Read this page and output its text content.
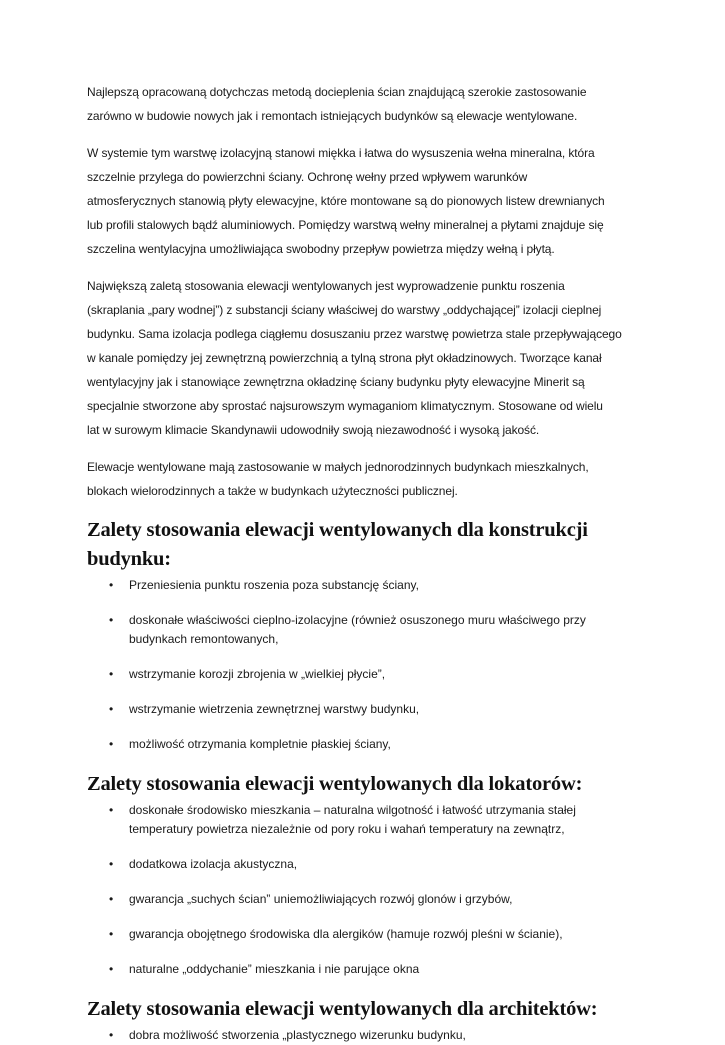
Najlepszą opracowaną dotychczas metodą docieplenia ścian znajdującą szerokie zastosowanie
zarówno w budowie nowych jak i remontach istniejących budynków są elewacje wentylowane.

W systemie tym warstwę izolacyjną stanowi miękka i łatwa do wysuszenia wełna mineralna, która
szczelnie przylega do powierzchni ściany. Ochronę wełny przed wpływem warunków
atmosferycznych stanowią płyty elewacyjne, które montowane są do pionowych listew drewnianych
lub profili stalowych bądź aluminiowych. Pomiędzy warstwą wełny mineralnej a płytami znajduje się
szczelina wentylacyjna umożliwiająca swobodny przepływ powietrza między wełną i płytą.

Największą zaletą stosowania elewacji wentylowanych jest wyprowadzenie punktu roszenia
(skraplania „pary wodnej”) z substancji ściany właściwej do warstwy „oddychającej” izolacji cieplnej
budynku. Sama izolacja podlega ciągłemu dosuszaniu przez warstwę powietrza stale przepływającego
w kanale pomiędzy jej zewnętrzną powierzchnią a tylną strona płyt okładzinowych. Tworzące kanał
wentylacyjny jak i stanowiące zewnętrzna okładzinę ściany budynku płyty elewacyjne Minerit są
specjalnie stworzone aby sprostać najsurowszym wymaganiom klimatycznym. Stosowane od wielu
lat w surowym klimacie Skandynawii udowodniły swoją niezawodność i wysoką jakość.

Elewacje wentylowane mają zastosowanie w małych jednorodzinnych budynkach mieszkalnych,
blokach wielorodzinnych a także w budynkach użyteczności publicznej.

Zalety stosowania elewacji wentylowanych dla konstrukcji
budynku:
• Przeniesienia punktu roszenia poza substancję ściany,
• doskonałe właściwości cieplno-izolacyjne (również osuszonego muru właściwego przy
budynkach remontowanych,
• wstrzymanie korozji zbrojenia w „wielkiej płycie”,
• wstrzymanie wietrzenia zewnętrznej warstwy budynku,
• możliwość otrzymania kompletnie płaskiej ściany,
Zalety stosowania elewacji wentylowanych dla lokatorów:
• doskonałe środowisko mieszkania – naturalna wilgotność i łatwość utrzymania stałej
temperatury powietrza niezależnie od pory roku i wahań temperatury na zewnątrz,
• dodatkowa izolacja akustyczna,
• gwarancja „suchych ścian” uniemożliwiających rozwój glonów i grzybów,
• gwarancja obojętnego środowiska dla alergików (hamuje rozwój pleśni w ścianie),
• naturalne „oddychanie” mieszkania i nie parujące okna
Zalety stosowania elewacji wentylowanych dla architektów:
• dobra możliwość stworzenia „plastycznego wizerunku budynku,
